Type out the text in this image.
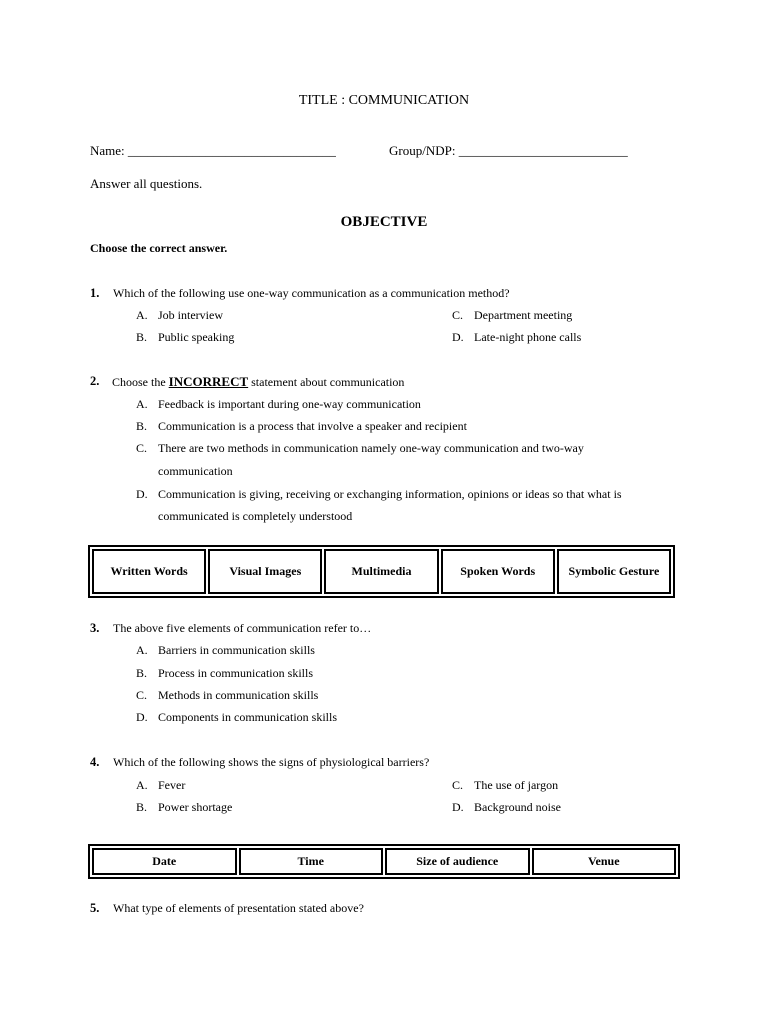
TITLE : COMMUNICATION
Name: ________________________________	Group/NDP: __________________________
Answer all questions.
OBJECTIVE
Choose the correct answer.
1. Which of the following use one-way communication as a communication method?
A. Job interview
B. Public speaking
C. Department meeting
D. Late-night phone calls
2. Choose the INCORRECT statement about communication
A. Feedback is important during one-way communication
B. Communication is a process that involve a speaker and recipient
C. There are two methods in communication namely one-way communication and two-way
communication
D. Communication is giving, receiving or exchanging information, opinions or ideas so that what is
communicated is completely understood
Written Words	Visual Images	Multimedia	Spoken Words	Symbolic Gesture
3. The above five elements of communication refer to…
A. Barriers in communication skills
B. Process in communication skills
C. Methods in communication skills
D. Components in communication skills
4. Which of the following shows the signs of physiological barriers?
A. Fever
B. Power shortage
C. The use of jargon
D. Background noise
Date	Time	Size of audience	Venue
5. What type of elements of presentation stated above?
